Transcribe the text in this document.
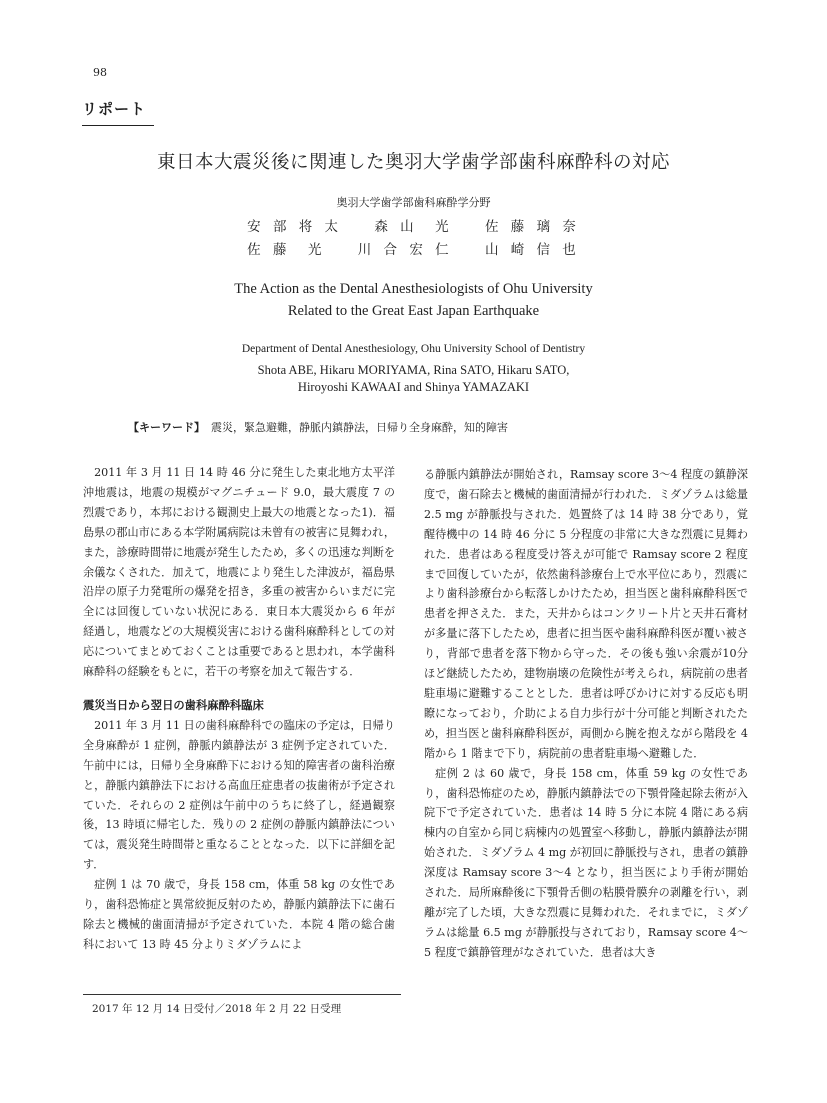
98
リポート
東日本大震災後に関連した奥羽大学歯学部歯科麻酔科の対応
奥羽大学歯学部歯科麻酔学分野
安 部 将 太 森 山　光 佐 藤 璃 奈
佐 藤　光 川 合 宏 仁 山 崎 信 也
The Action as the Dental Anesthesiologists of Ohu University
Related to the Great East Japan Earthquake
Department of Dental Anesthesiology, Ohu University School of Dentistry
Shota ABE, Hikaru MORIYAMA, Rina SATO, Hikaru SATO,
Hiroyoshi KAWAAI and Shinya YAMAZAKI
【キーワード】 震災，緊急避難，静脈内鎮静法，日帰り全身麻酔，知的障害

2011 年 3 月 11 日 14 時 46 分に発生した東北地方太平洋沖地震は，地震の規模がマグニチュード 9.0，最大震度 7 の烈震であり，本邦における観測史上最大の地震となった1)．福島県の郡山市にある本学附属病院は未曾有の被害に見舞われ，また，診療時間帯に地震が発生したため，多くの迅速な判断を余儀なくされた．加えて，地震により発生した津波が，福島県沿岸の原子力発電所の爆発を招き，多重の被害からいまだに完全には回復していない状況にある．東日本大震災から 6 年が経過し，地震などの大規模災害における歯科麻酔科としての対応についてまとめておくことは重要であると思われ，本学歯科麻酔科の経験をもとに，若干の考察を加えて報告する．

震災当日から翌日の歯科麻酔科臨床

2011 年 3 月 11 日の歯科麻酔科での臨床の予定は，日帰り全身麻酔が 1 症例，静脈内鎮静法が 3 症例予定されていた．午前中には，日帰り全身麻酔下における知的障害者の歯科治療と，静脈内鎮静法下における高血圧症患者の抜歯術が予定されていた．それらの 2 症例は午前中のうちに終了し，経過観察後，13 時頃に帰宅した．残りの 2 症例の静脈内鎮静法については，震災発生時間帯と重なることとなった．以下に詳細を記す．

症例 1 は 70 歳で，身長 158 cm，体重 58 kg の女性であり，歯科恐怖症と異常絞扼反射のため，静脈内鎮静法下に歯石除去と機械的歯面清掃が予定されていた．本院 4 階の総合歯科において 13 時 45 分よりミダゾラムによ

る静脈内鎮静法が開始され，Ramsay score 3～4 程度の鎮静深度で，歯石除去と機械的歯面清掃が行われた．ミダゾラムは総量 2.5 mg が静脈投与された．処置終了は 14 時 38 分であり，覚醒待機中の 14 時 46 分に 5 分程度の非常に大きな烈震に見舞われた．患者はある程度受け答えが可能で Ramsay score 2 程度まで回復していたが，依然歯科診療台上で水平位にあり，烈震により歯科診療台から転落しかけたため，担当医と歯科麻酔科医で患者を押さえた．また，天井からはコンクリート片と天井石膏材が多量に落下したため，患者に担当医や歯科麻酔科医が覆い被さり，背部で患者を落下物から守った．その後も強い余震が10分ほど継続したため，建物崩壊の危険性が考えられ，病院前の患者駐車場に避難することとした．患者は呼びかけに対する反応も明瞭になっており，介助による自力歩行が十分可能と判断されたため，担当医と歯科麻酔科医が，両側から腕を抱えながら階段を 4 階から 1 階まで下り，病院前の患者駐車場へ避難した．

症例 2 は 60 歳で，身長 158 cm，体重 59 kg の女性であり，歯科恐怖症のため，静脈内鎮静法での下顎骨隆起除去術が入院下で予定されていた．患者は 14 時 5 分に本院 4 階にある病棟内の自室から同じ病棟内の処置室へ移動し，静脈内鎮静法が開始された．ミダゾラム 4 mg が初回に静脈投与され，患者の鎮静深度は Ramsay score 3～4 となり，担当医により手術が開始された．局所麻酔後に下顎骨舌側の粘膜骨膜弁の剥離を行い，剥離が完了した頃，大きな烈震に見舞われた．それまでに，ミダゾラムは総量 6.5 mg が静脈投与されており，Ramsay score 4～5 程度で鎮静管理がなされていた．患者は大き

2017 年 12 月 14 日受付／2018 年 2 月 22 日受理
